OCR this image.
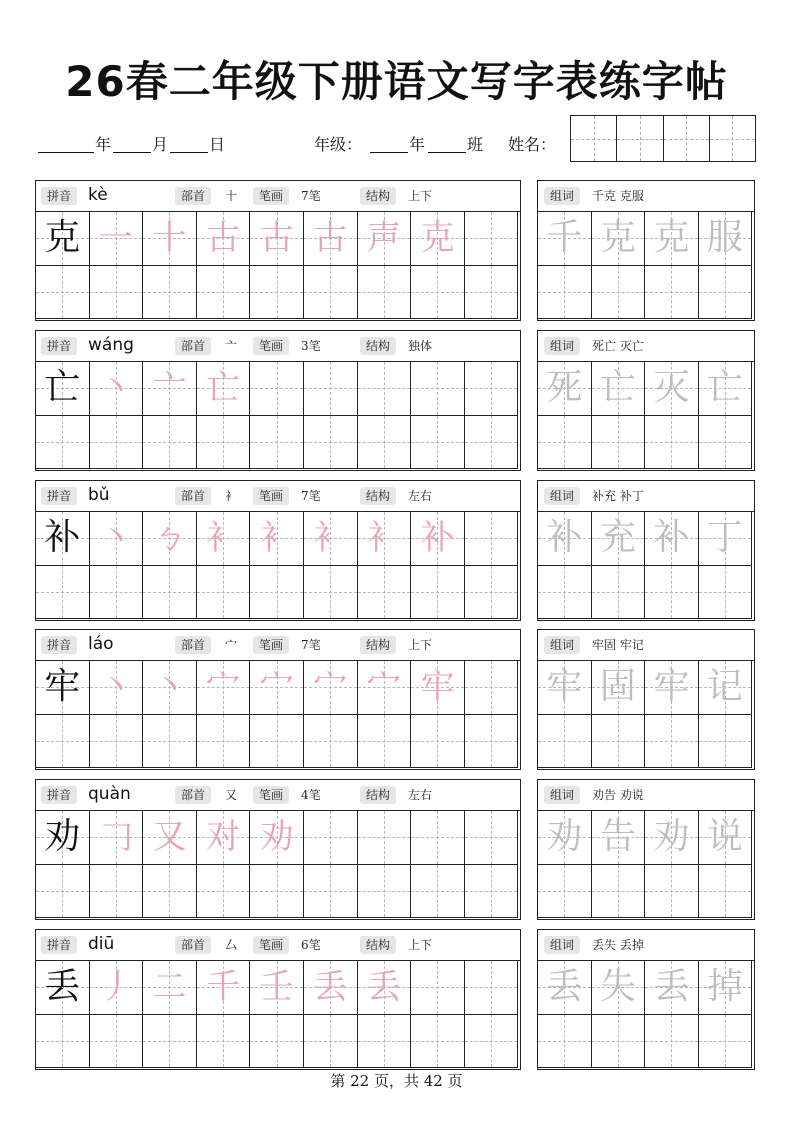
26春二年级下册语文写字表练字帖
年	月	日	年级：	年	班 姓名：
拼音 kè	部首	十	笔画	7笔	结构	上下
克 一 十 古 古 古 声 克
组词	千克 克服
千 克 克 服
拼音 wáng	部首	亠	笔画	3笔	结构	独体
亡 丶 亠 亡
组词	死亡 灭亡
死 亡 灭 亡
拼音 bǔ	部首	衤	笔画	7笔	结构	左右
补 丶 ㄅ 衤 衤 衤 衤 补
组词	补充 补丁
补 充 补 丁
拼音 láo	部首	宀	笔画	7笔	结构	上下
牢 丶 丶 宀 宀 宀 宀 牢
组词	牢固 牢记
牢 固 牢 记
拼音 quàn	部首	又	笔画	4笔	结构	左右
劝 𠃌 又 对 劝
组词	劝告 劝说
劝 告 劝 说
拼音 diū	部首	厶	笔画	6笔	结构	上下
丢 丿 二 千 壬 丢 丢
组词	丢失 丢掉
丢 失 丢 掉
第 22 页，共 42 页
